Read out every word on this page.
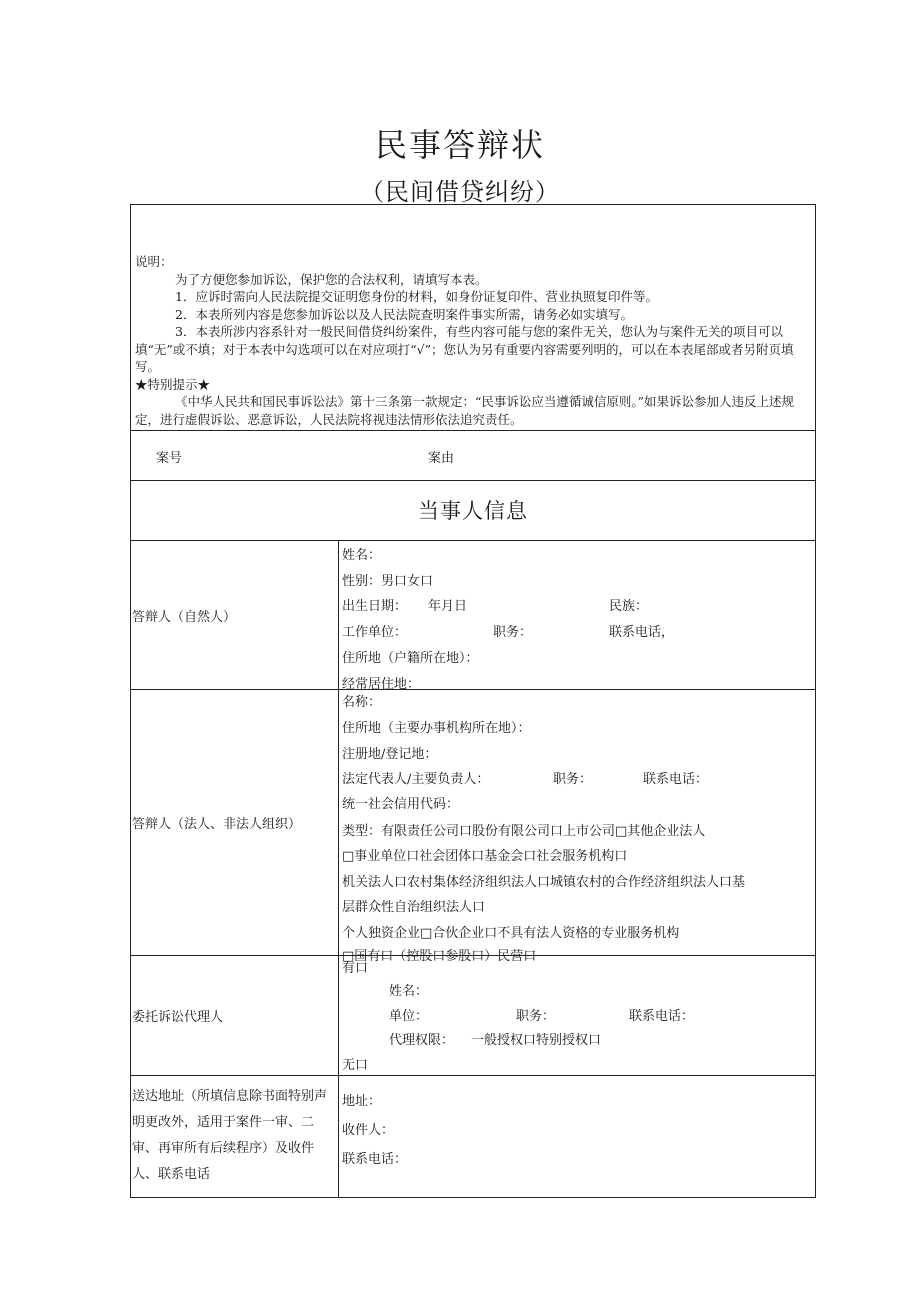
民事答辩状
（民间借贷纠纷）

说明：

为了方便您参加诉讼，保护您的合法权利，请填写本表。

1．应诉时需向人民法院提交证明您身份的材料，如身份证复印件、营业执照复印件等。

2．本表所列内容是您参加诉讼以及人民法院查明案件事实所需，请务必如实填写。

3．本表所涉内容系针对一般民间借贷纠纷案件，有些内容可能与您的案件无关，您认为与案件无关的项目可以填“无”或不填；对于本表中勾选项可以在对应项打“√”；您认为另有重要内容需要列明的，可以在本表尾部或者另附页填写。

★特别提示★

《中华人民共和国民事诉讼法》第十三条第一款规定：“民事诉讼应当遵循诚信原则。”如果诉讼参加人违反上述规定，进行虚假诉讼、恶意诉讼，人民法院将视违法情形依法追究责任。

案号	案由
当事人信息
答辩人（自然人）
姓名：
性别：男口女口
出生日期： 年月日	民族：
工作单位：	职务：	联系电话，
住所地（户籍所在地）：
经常居住地：
答辩人（法人、非法人组织）
名称：
住所地（主要办事机构所在地）：
注册地/登记地：
法定代表人/主要负责人：	职务：	联系电话：
统一社会信用代码：
类型：有限责任公司口股份有限公司口上市公司□其他企业法人
□事业单位口社会团体口基金会口社会服务机构口
机关法人口农村集体经济组织法人口城镇农村的合作经济组织法人口基
层群众性自治组织法人口
个人独资企业□合伙企业口不具有法人资格的专业服务机构
□国有口（控股口参股口）民营口
委托诉讼代理人
有口
姓名：
单位：	职务：	联系电话：
代理权限： 一般授权口特别授权口
无口
送达地址（所填信息除书面特别声明更改外，适用于案件一审、二审、再审所有后续程序）及收件人、联系电话
地址：
收件人：
联系电话：
